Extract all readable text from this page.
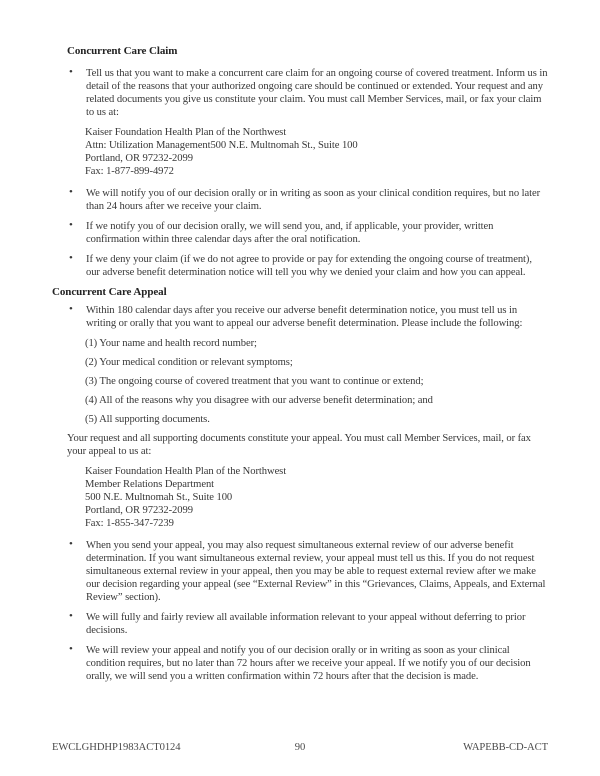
Concurrent Care Claim
• Tell us that you want to make a concurrent care claim for an ongoing course of covered treatment. Inform us in detail of the reasons that your authorized ongoing care should be continued or extended. Your request and any related documents you give us constitute your claim. You must call Member Services, mail, or fax your claim to us at:
Kaiser Foundation Health Plan of the Northwest
Attn: Utilization Management500 N.E. Multnomah St., Suite 100
Portland, OR 97232-2099
Fax: 1-877-899-4972
• We will notify you of our decision orally or in writing as soon as your clinical condition requires, but no later than 24 hours after we receive your claim.
• If we notify you of our decision orally, we will send you, and, if applicable, your provider, written confirmation within three calendar days after the oral notification.
• If we deny your claim (if we do not agree to provide or pay for extending the ongoing course of treatment), our adverse benefit determination notice will tell you why we denied your claim and how you can appeal.
Concurrent Care Appeal
• Within 180 calendar days after you receive our adverse benefit determination notice, you must tell us in writing or orally that you want to appeal our adverse benefit determination. Please include the following:
(1) Your name and health record number;
(2) Your medical condition or relevant symptoms;
(3) The ongoing course of covered treatment that you want to continue or extend;
(4) All of the reasons why you disagree with our adverse benefit determination; and
(5) All supporting documents.
Your request and all supporting documents constitute your appeal. You must call Member Services, mail, or fax your appeal to us at:
Kaiser Foundation Health Plan of the Northwest
Member Relations Department
500 N.E. Multnomah St., Suite 100
Portland, OR 97232-2099
Fax: 1-855-347-7239
• When you send your appeal, you may also request simultaneous external review of our adverse benefit determination. If you want simultaneous external review, your appeal must tell us this. If you do not request simultaneous external review in your appeal, then you may be able to request external review after we make our decision regarding your appeal (see “External Review” in this “Grievances, Claims, Appeals, and External Review” section).
• We will fully and fairly review all available information relevant to your appeal without deferring to prior decisions.
• We will review your appeal and notify you of our decision orally or in writing as soon as your clinical condition requires, but no later than 72 hours after we receive your appeal. If we notify you of our decision orally, we will send you a written confirmation within 72 hours after that the decision is made.
EWCLGHDHP1983ACT0124	90	WAPEBB-CD-ACT
